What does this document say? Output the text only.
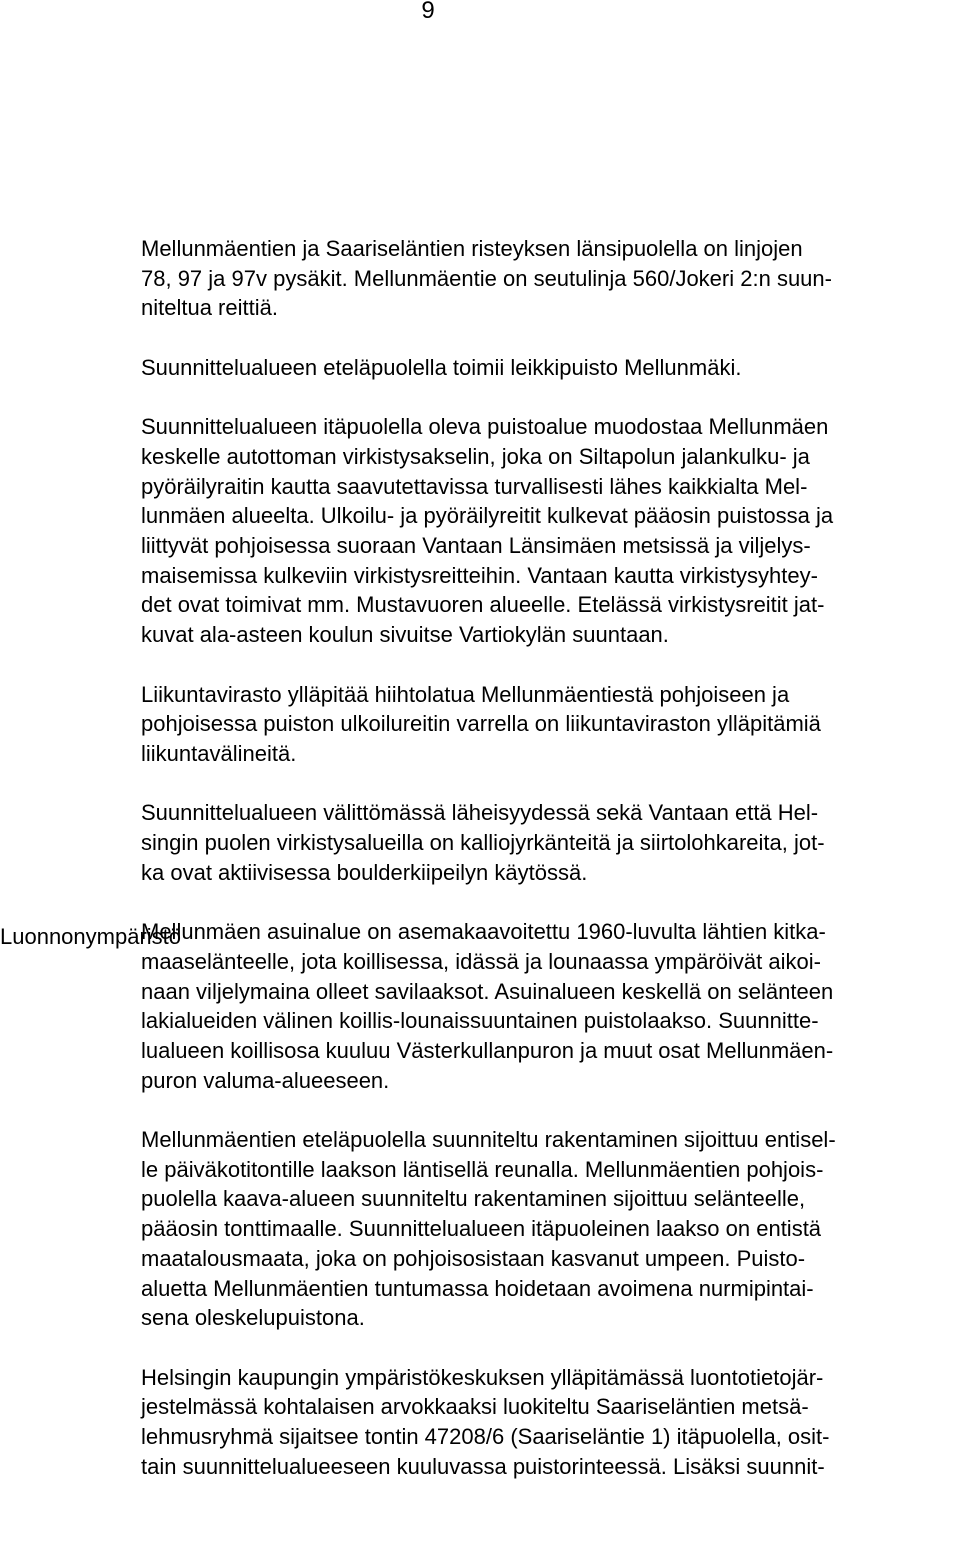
9
Luonnonympäristö

Mellunmäentien ja Saariseläntien risteyksen länsipuolella on linjojen
78, 97 ja 97v pysäkit. Mellunmäentie on seutulinja 560/Jokeri 2:n suun-
niteltua reittiä.

Suunnittelualueen eteläpuolella toimii leikkipuisto Mellunmäki.

Suunnittelualueen itäpuolella oleva puistoalue muodostaa Mellunmäen
keskelle autottoman virkistysakselin, joka on Siltapolun jalankulku- ja
pyöräilyraitin kautta saavutettavissa turvallisesti lähes kaikkialta Mel-
lunmäen alueelta. Ulkoilu- ja pyöräilyreitit kulkevat pääosin puistossa ja
liittyvät pohjoisessa suoraan Vantaan Länsimäen metsissä ja viljelys-
maisemissa kulkeviin virkistysreitteihin. Vantaan kautta virkistysyhtey-
det ovat toimivat mm. Mustavuoren alueelle. Etelässä virkistysreitit jat-
kuvat ala-asteen koulun sivuitse Vartiokylän suuntaan.

Liikuntavirasto ylläpitää hiihtolatua Mellunmäentiestä pohjoiseen ja
pohjoisessa puiston ulkoilureitin varrella on liikuntaviraston ylläpitämiä
liikuntavälineitä.

Suunnittelualueen välittömässä läheisyydessä sekä Vantaan että Hel-
singin puolen virkistysalueilla on kalliojyrkänteitä ja siirtolohkareita, jot-
ka ovat aktiivisessa boulderkiipeilyn käytössä.

Mellunmäen asuinalue on asemakaavoitettu 1960-luvulta lähtien kitka-
maaselänteelle, jota koillisessa, idässä ja lounaassa ympäröivät aikoi-
naan viljelymaina olleet savilaaksot. Asuinalueen keskellä on selänteen
lakialueiden välinen koillis-lounaissuuntainen puistolaakso. Suunnitte-
lualueen koillisosa kuuluu Västerkullanpuron ja muut osat Mellunmäen-
puron valuma-alueeseen.

Mellunmäentien eteläpuolella suunniteltu rakentaminen sijoittuu entisel-
le päiväkotitontille laakson läntisellä reunalla. Mellunmäentien pohjois-
puolella kaava-alueen suunniteltu rakentaminen sijoittuu selänteelle,
pääosin tonttimaalle. Suunnittelualueen itäpuoleinen laakso on entistä
maatalousmaata, joka on pohjoisosistaan kasvanut umpeen. Puisto-
aluetta Mellunmäentien tuntumassa hoidetaan avoimena nurmipintai-
sena oleskelupuistona.

Helsingin kaupungin ympäristökeskuksen ylläpitämässä luontotietojär-
jestelmässä kohtalaisen arvokkaaksi luokiteltu Saariseläntien metsä-
lehmusryhmä sijaitsee tontin 47208/6 (Saariseläntie 1) itäpuolella, osit-
tain suunnittelualueeseen kuuluvassa puistorinteessä. Lisäksi suunnit-
